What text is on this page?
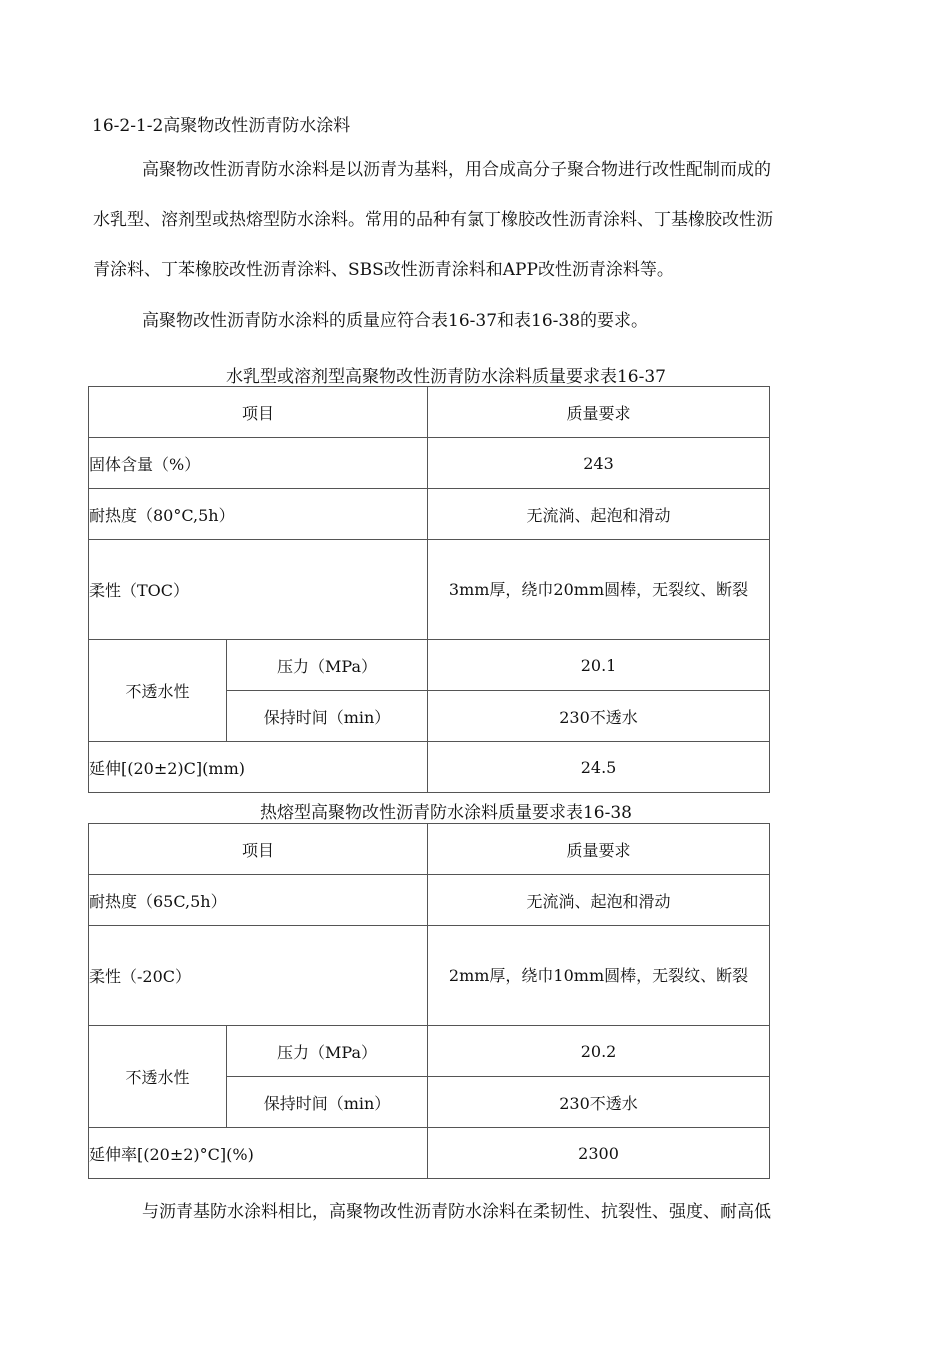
16-2-1-2高聚物改性沥青防水涂料
高聚物改性沥青防水涂料是以沥青为基料，用合成高分子聚合物进行改性配制而成的
水乳型、溶剂型或热熔型防水涂料。常用的品种有氯丁橡胶改性沥青涂料、丁基橡胶改性沥
青涂料、丁苯橡胶改性沥青涂料、SBS改性沥青涂料和APP改性沥青涂料等。
高聚物改性沥青防水涂料的质量应符合表16-37和表16-38的要求。
水乳型或溶剂型高聚物改性沥青防水涂料质量要求表16-37
项目		质量要求
固体含量（%）		243
耐热度（80°C,5h）		无流淌、起泡和滑动
柔性（TOC）		3mm厚，绕巾20mm圆棒，无裂纹、断裂
不透水性	压力（MPa）	20.1
	保持时间（min）	230不透水
延伸[(20±2)C](mm)		24.5
热熔型高聚物改性沥青防水涂料质量要求表16-38
项目		质量要求
耐热度（65C,5h）		无流淌、起泡和滑动
柔性（-20C）		2mm厚，绕巾10mm圆棒，无裂纹、断裂
不透水性	压力（MPa）	20.2
	保持时间（min）	230不透水
延伸率[(20±2)°C](%)		2300
与沥青基防水涂料相比，高聚物改性沥青防水涂料在柔韧性、抗裂性、强度、耐高低
